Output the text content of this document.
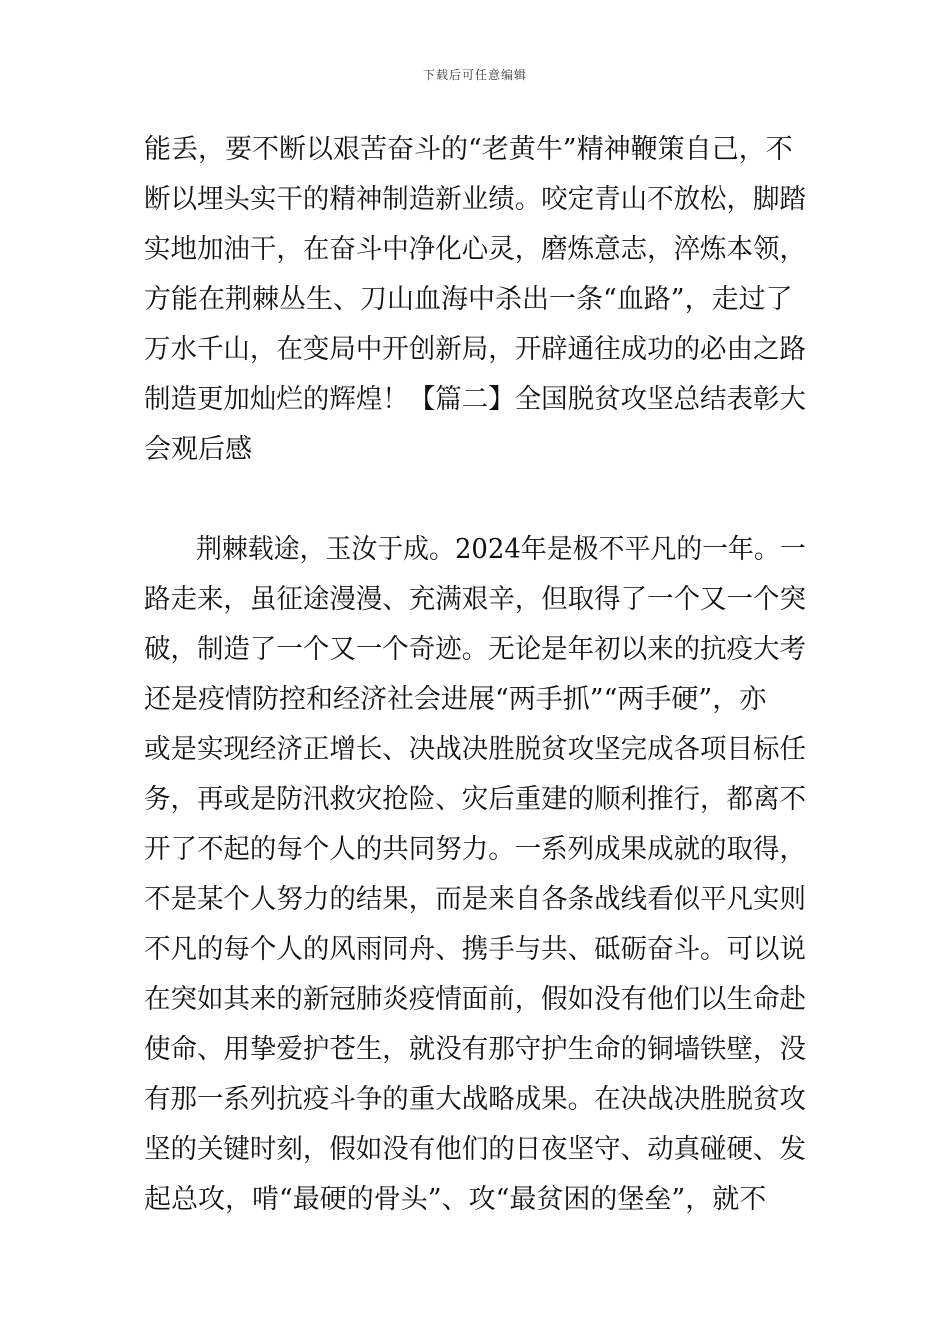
下载后可任意编辑
能丢，要不断以艰苦奋斗的“老黄牛”精神鞭策自己，不
断以埋头实干的精神制造新业绩。咬定青山不放松，脚踏
实地加油干，在奋斗中净化心灵，磨炼意志，淬炼本领，
方能在荆棘丛生、刀山血海中杀出一条“血路”，走过了
万水千山，在变局中开创新局，开辟通往成功的必由之路
制造更加灿烂的辉煌！【篇二】全国脱贫攻坚总结表彰大
会观后感
荆棘载途，玉汝于成。2024年是极不平凡的一年。一
路走来，虽征途漫漫、充满艰辛，但取得了一个又一个突
破，制造了一个又一个奇迹。无论是年初以来的抗疫大考
还是疫情防控和经济社会进展“两手抓”“两手硬”，亦
或是实现经济正增长、决战决胜脱贫攻坚完成各项目标任
务，再或是防汛救灾抢险、灾后重建的顺利推行，都离不
开了不起的每个人的共同努力。一系列成果成就的取得，
不是某个人努力的结果，而是来自各条战线看似平凡实则
不凡的每个人的风雨同舟、携手与共、砥砺奋斗。可以说
在突如其来的新冠肺炎疫情面前，假如没有他们以生命赴
使命、用挚爱护苍生，就没有那守护生命的铜墙铁壁，没
有那一系列抗疫斗争的重大战略成果。在决战决胜脱贫攻
坚的关键时刻，假如没有他们的日夜坚守、动真碰硬、发
起总攻，啃“最硬的骨头”、攻“最贫困的堡垒”，就不
